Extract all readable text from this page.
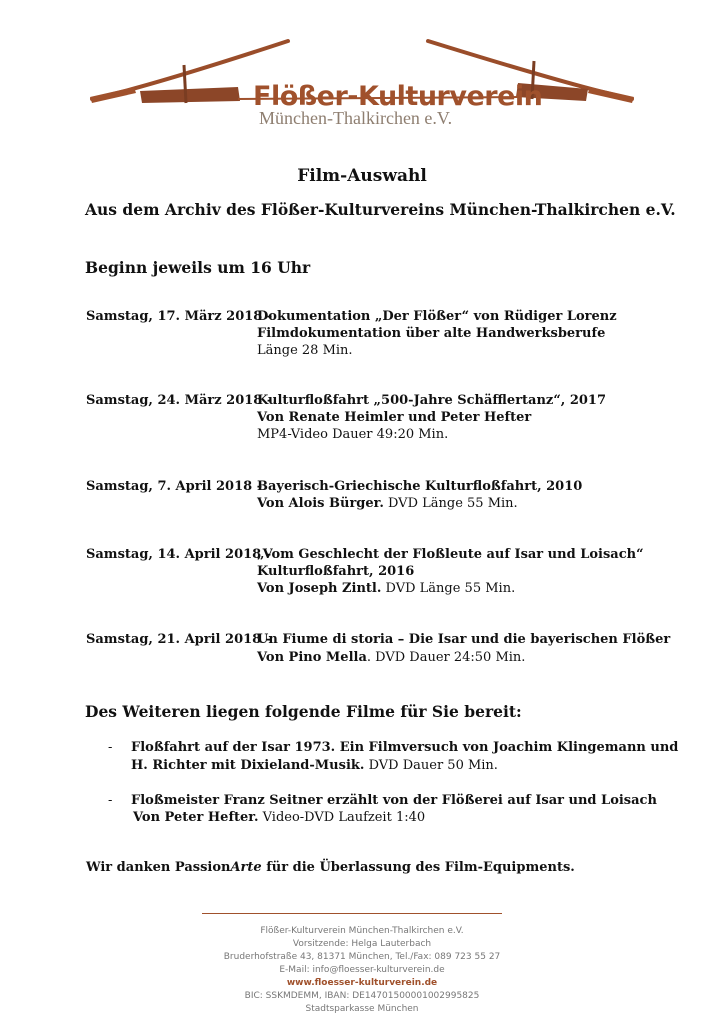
Flößer-Kulturverein
München-Thalkirchen e.V.
Film-Auswahl
Aus dem Archiv des Flößer-Kulturvereins München-Thalkirchen e.V.
Beginn jeweils um 16 Uhr
Samstag, 17. März 2018 -
Dokumentation „Der Flößer“ von Rüdiger Lorenz
Filmdokumentation über alte Handwerksberufe
Länge 28 Min.
Samstag, 24. März 2018 -
Kulturfloßfahrt „500-Jahre Schäfflertanz“, 2017
Von Renate Heimler und Peter Hefter
MP4-Video Dauer 49:20 Min.
Samstag, 7. April 2018 -
Bayerisch-Griechische Kulturfloßfahrt, 2010
Von Alois Bürger. DVD Länge 55 Min.
Samstag, 14. April 2018 -
„Vom Geschlecht der Floßleute auf Isar und Loisach“
Kulturfloßfahrt, 2016
Von Joseph Zintl. DVD Länge 55 Min.
Samstag, 21. April 2018 -
Un Fiume di storia – Die Isar und die bayerischen Flößer
Von Pino Mella. DVD Dauer 24:50 Min.
Des Weiteren liegen folgende Filme für Sie bereit:
- Floßfahrt auf der Isar 1973. Ein Filmversuch von Joachim Klingemann und
H. Richter mit Dixieland-Musik. DVD Dauer 50 Min.
- Floßmeister Franz Seitner erzählt von der Flößerei auf Isar und Loisach
Von Peter Hefter. Video-DVD Laufzeit 1:40
Wir danken PassionArte für die Überlassung des Film-Equipments.
Flößer-Kulturverein München-Thalkirchen e.V.
Vorsitzende: Helga Lauterbach
Bruderhofstraße 43, 81371 München, Tel./Fax: 089 723 55 27
E-Mail: info@floesser-kulturverein.de
www.floesser-kulturverein.de
BIC: SSKMDEMM, IBAN: DE14701500001002995825
Stadtsparkasse München
